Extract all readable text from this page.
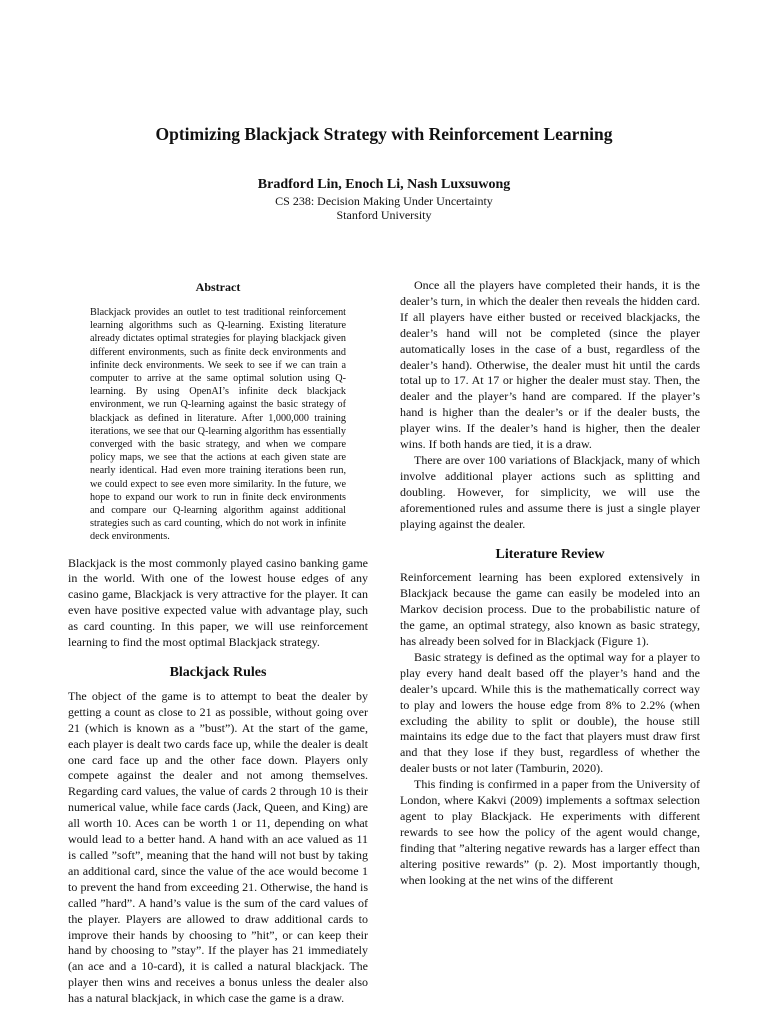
Optimizing Blackjack Strategy with Reinforcement Learning
Bradford Lin, Enoch Li, Nash Luxsuwong
CS 238: Decision Making Under Uncertainty
Stanford University
Abstract

Blackjack provides an outlet to test traditional reinforcement learning algorithms such as Q-learning. Existing literature already dictates optimal strategies for playing blackjack given different environments, such as finite deck environments and infinite deck environments. We seek to see if we can train a computer to arrive at the same optimal solution using Q-learning. By using OpenAI’s infinite deck blackjack environment, we run Q-learning against the basic strategy of blackjack as defined in literature. After 1,000,000 training iterations, we see that our Q-learning algorithm has essentially converged with the basic strategy, and when we compare policy maps, we see that the actions at each given state are nearly identical. Had even more training iterations been run, we could expect to see even more similarity. In the future, we hope to expand our work to run in finite deck environments and compare our Q-learning algorithm against additional strategies such as card counting, which do not work in infinite deck environments.

Blackjack is the most commonly played casino banking game in the world. With one of the lowest house edges of any casino game, Blackjack is very attractive for the player. It can even have positive expected value with advantage play, such as card counting. In this paper, we will use reinforcement learning to find the most optimal Blackjack strategy.

Blackjack Rules

The object of the game is to attempt to beat the dealer by getting a count as close to 21 as possible, without going over 21 (which is known as a ”bust”). At the start of the game, each player is dealt two cards face up, while the dealer is dealt one card face up and the other face down. Players only compete against the dealer and not among themselves. Regarding card values, the value of cards 2 through 10 is their numerical value, while face cards (Jack, Queen, and King) are all worth 10. Aces can be worth 1 or 11, depending on what would lead to a better hand. A hand with an ace valued as 11 is called ”soft”, meaning that the hand will not bust by taking an additional card, since the value of the ace would become 1 to prevent the hand from exceeding 21. Otherwise, the hand is called ”hard”. A hand’s value is the sum of the card values of the player. Players are allowed to draw additional cards to improve their hands by choosing to ”hit”, or can keep their hand by choosing to ”stay”. If the player has 21 immediately (an ace and a 10-card), it is called a natural blackjack. The player then wins and receives a bonus unless the dealer also has a natural blackjack, in which case the game is a draw.

Once all the players have completed their hands, it is the dealer’s turn, in which the dealer then reveals the hidden card. If all players have either busted or received blackjacks, the dealer’s hand will not be completed (since the player automatically loses in the case of a bust, regardless of the dealer’s hand). Otherwise, the dealer must hit until the cards total up to 17. At 17 or higher the dealer must stay. Then, the dealer and the player’s hand are compared. If the player’s hand is higher than the dealer’s or if the dealer busts, the player wins. If the dealer’s hand is higher, then the dealer wins. If both hands are tied, it is a draw.

There are over 100 variations of Blackjack, many of which involve additional player actions such as splitting and doubling. However, for simplicity, we will use the aforementioned rules and assume there is just a single player playing against the dealer.

Literature Review

Reinforcement learning has been explored extensively in Blackjack because the game can easily be modeled into an Markov decision process. Due to the probabilistic nature of the game, an optimal strategy, also known as basic strategy, has already been solved for in Blackjack (Figure 1).

Basic strategy is defined as the optimal way for a player to play every hand dealt based off the player’s hand and the dealer’s upcard. While this is the mathematically correct way to play and lowers the house edge from 8% to 2.2% (when excluding the ability to split or double), the house still maintains its edge due to the fact that players must draw first and that they lose if they bust, regardless of whether the dealer busts or not later (Tamburin, 2020).

This finding is confirmed in a paper from the University of London, where Kakvi (2009) implements a softmax selection agent to play Blackjack. He experiments with different rewards to see how the policy of the agent would change, finding that ”altering negative rewards has a larger effect than altering positive rewards” (p. 2). Most importantly though, when looking at the net wins of the different
